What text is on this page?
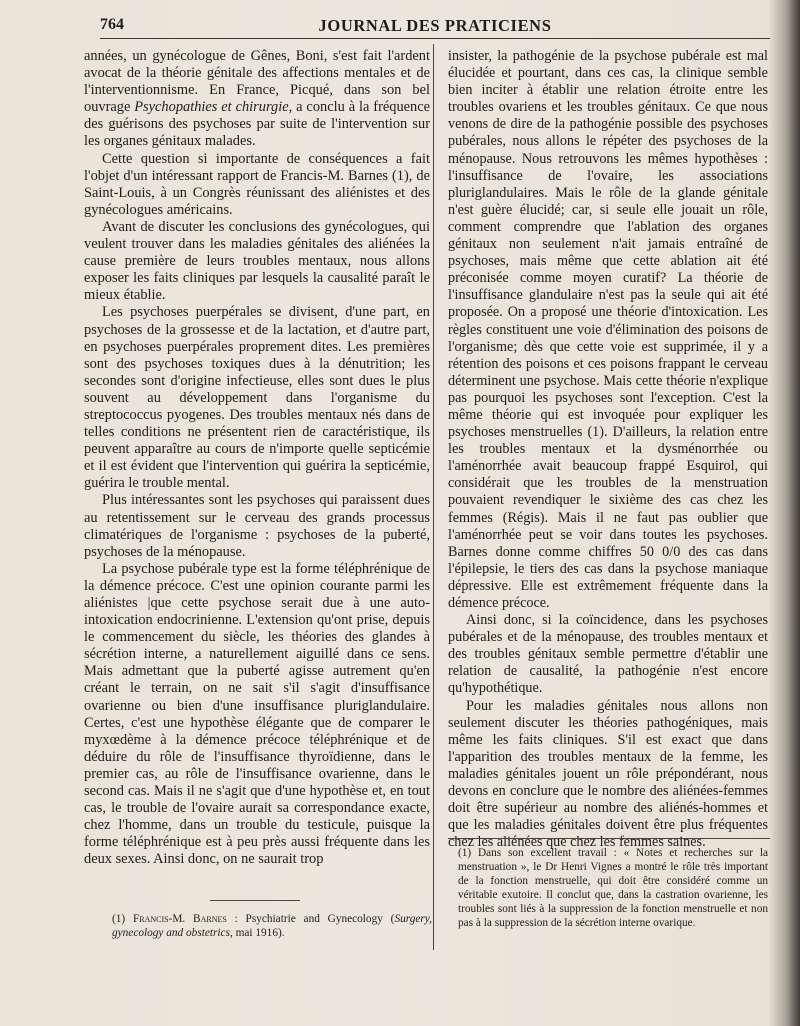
764	JOURNAL DES PRATICIENS

années, un gynécologue de Gênes, Boni, s'est fait l'ardent avocat de la théorie génitale des affections mentales et de l'interventionnisme. En France, Picqué, dans son bel ouvrage Psychopathies et chirurgie, a conclu à la fréquence des guérisons des psychoses par suite de l'intervention sur les organes génitaux malades.

Cette question si importante de conséquences a fait l'objet d'un intéressant rapport de Francis-M. Barnes (1), de Saint-Louis, à un Congrès réunissant des aliénistes et des gynécologues américains.

Avant de discuter les conclusions des gynécologues, qui veulent trouver dans les maladies génitales des aliénées la cause première de leurs troubles mentaux, nous allons exposer les faits cliniques par lesquels la causalité paraît le mieux établie.

Les psychoses puerpérales se divisent, d'une part, en psychoses de la grossesse et de la lactation, et d'autre part, en psychoses puerpérales proprement dites. Les premières sont des psychoses toxiques dues à la dénutrition; les secondes sont d'origine infectieuse, elles sont dues le plus souvent au développement dans l'organisme du streptococcus pyogenes. Des troubles mentaux nés dans de telles conditions ne présentent rien de caractéristique, ils peuvent apparaître au cours de n'importe quelle septicémie et il est évident que l'intervention qui guérira la septicémie, guérira le trouble mental.

Plus intéressantes sont les psychoses qui paraissent dues au retentissement sur le cerveau des grands processus climatériques de l'organisme : psychoses de la puberté, psychoses de la ménopause.

La psychose pubérale type est la forme téléphrénique de la démence précoce. C'est une opinion courante parmi les aliénistes |que cette psychose serait due à une auto-intoxication endocrinienne. L'extension qu'ont prise, depuis le commencement du siècle, les théories des glandes à sécrétion interne, a naturellement aiguillé dans ce sens. Mais admettant que la puberté agisse autrement qu'en créant le terrain, on ne sait s'il s'agit d'insuffisance ovarienne ou bien d'une insuffisance pluriglandulaire. Certes, c'est une hypothèse élégante que de comparer le myxœdème à la démence précoce téléphrénique et de déduire du rôle de l'insuffisance thyroïdienne, dans le premier cas, au rôle de l'insuffisance ovarienne, dans le second cas. Mais il ne s'agit que d'une hypothèse et, en tout cas, le trouble de l'ovaire aurait sa correspondance exacte, chez l'homme, dans un trouble du testicule, puisque la forme téléphrénique est à peu près aussi fréquente dans les deux sexes. Ainsi donc, on ne saurait trop

(1) Francis-M. Barnes : Psychiatrie and Gynecology (Surgery, gynecology and obstetrics, mai 1916).

insister, la pathogénie de la psychose pubérale est mal élucidée et pourtant, dans ces cas, la clinique semble bien inciter à établir une relation étroite entre les troubles ovariens et les troubles génitaux. Ce que nous venons de dire de la pathogénie possible des psychoses pubérales, nous allons le répéter des psychoses de la ménopause. Nous retrouvons les mêmes hypothèses : l'insuffisance de l'ovaire, les associations pluriglandulaires. Mais le rôle de la glande génitale n'est guère élucidé; car, si seule elle jouait un rôle, comment comprendre que l'ablation des organes génitaux non seulement n'ait jamais entraîné de psychoses, mais même que cette ablation ait été préconisée comme moyen curatif? La théorie de l'insuffisance glandulaire n'est pas la seule qui ait été proposée. On a proposé une théorie d'intoxication. Les règles constituent une voie d'élimination des poisons de l'organisme; dès que cette voie est supprimée, il y a rétention des poisons et ces poisons frappant le cerveau déterminent une psychose. Mais cette théorie n'explique pas pourquoi les psychoses sont l'exception. C'est la même théorie qui est invoquée pour expliquer les psychoses menstruelles (1). D'ailleurs, la relation entre les troubles mentaux et la dysménorrhée ou l'aménorrhée avait beaucoup frappé Esquirol, qui considérait que les troubles de la menstruation pouvaient revendiquer le sixième des cas chez les femmes (Régis). Mais il ne faut pas oublier que l'aménorrhée peut se voir dans toutes les psychoses. Barnes donne comme chiffres 50 0/0 des cas dans l'épilepsie, le tiers des cas dans la psychose maniaque dépressive. Elle est extrêmement fréquente dans la démence précoce.

Ainsi donc, si la coïncidence, dans les psychoses pubérales et de la ménopause, des troubles mentaux et des troubles génitaux semble permettre d'établir une relation de causalité, la pathogénie n'est encore qu'hypothétique.

Pour les maladies génitales nous allons non seulement discuter les théories pathogéniques, mais même les faits cliniques. S'il est exact que dans l'apparition des troubles mentaux de la femme, les maladies génitales jouent un rôle prépondérant, nous devons en conclure que le nombre des aliénées-femmes doit être supérieur au nombre des aliénés-hommes et que les maladies génitales doivent être plus fréquentes chez les aliénées que chez les femmes saines.

(1) Dans son excellent travail : « Notes et recherches sur la menstruation », le Dr Henri Vignes a montré le rôle très important de la fonction menstruelle, qui doit être considéré comme un véritable exutoire. Il conclut que, dans la castration ovarienne, les troubles sont liés à la suppression de la fonction menstruelle et non pas à la suppression de la sécrétion interne ovarique.
